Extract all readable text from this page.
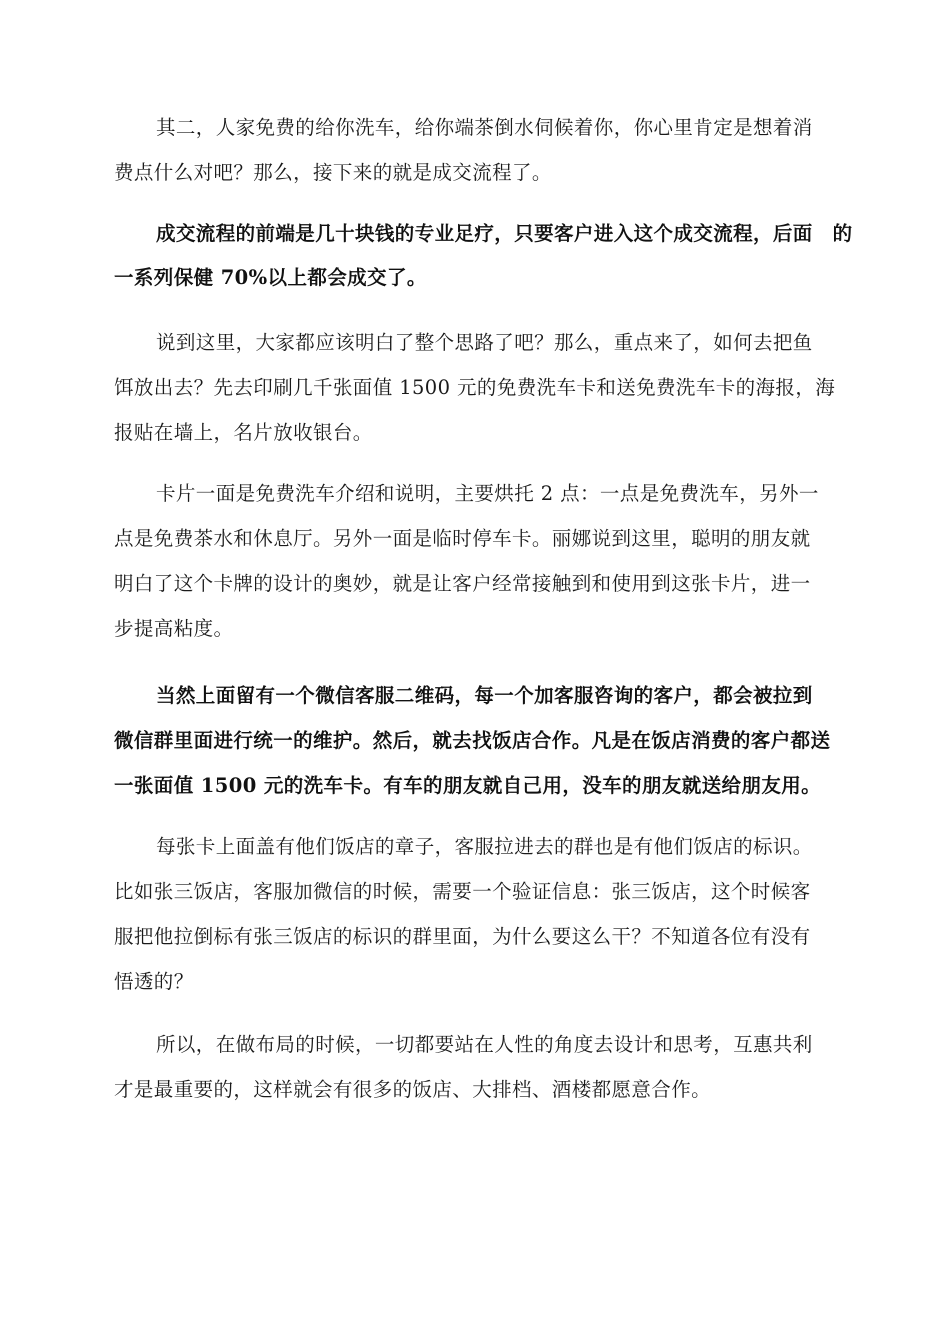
其二，人家免费的给你洗车，给你端茶倒水伺候着你，你心里肯定是想着消
费点什么对吧？那么，接下来的就是成交流程了。
成交流程的前端是几十块钱的专业足疗，只要客户进入这个成交流程，后面　的
一系列保健 70%以上都会成交了。
说到这里，大家都应该明白了整个思路了吧？那么，重点来了，如何去把鱼
饵放出去？先去印刷几千张面值 1500 元的免费洗车卡和送免费洗车卡的海报，海
报贴在墙上，名片放收银台。
卡片一面是免费洗车介绍和说明，主要烘托 2 点：一点是免费洗车，另外一
点是免费茶水和休息厅。另外一面是临时停车卡。丽娜说到这里，聪明的朋友就
明白了这个卡牌的设计的奥妙，就是让客户经常接触到和使用到这张卡片，进一
步提高粘度。
当然上面留有一个微信客服二维码，每一个加客服咨询的客户，都会被拉到
微信群里面进行统一的维护。然后，就去找饭店合作。凡是在饭店消费的客户都送
一张面值 1500 元的洗车卡。有车的朋友就自己用，没车的朋友就送给朋友用。
每张卡上面盖有他们饭店的章子，客服拉进去的群也是有他们饭店的标识。
比如张三饭店，客服加微信的时候，需要一个验证信息：张三饭店，这个时候客
服把他拉倒标有张三饭店的标识的群里面，为什么要这么干？不知道各位有没有
悟透的？
所以，在做布局的时候，一切都要站在人性的角度去设计和思考，互惠共利
才是最重要的，这样就会有很多的饭店、大排档、酒楼都愿意合作。
